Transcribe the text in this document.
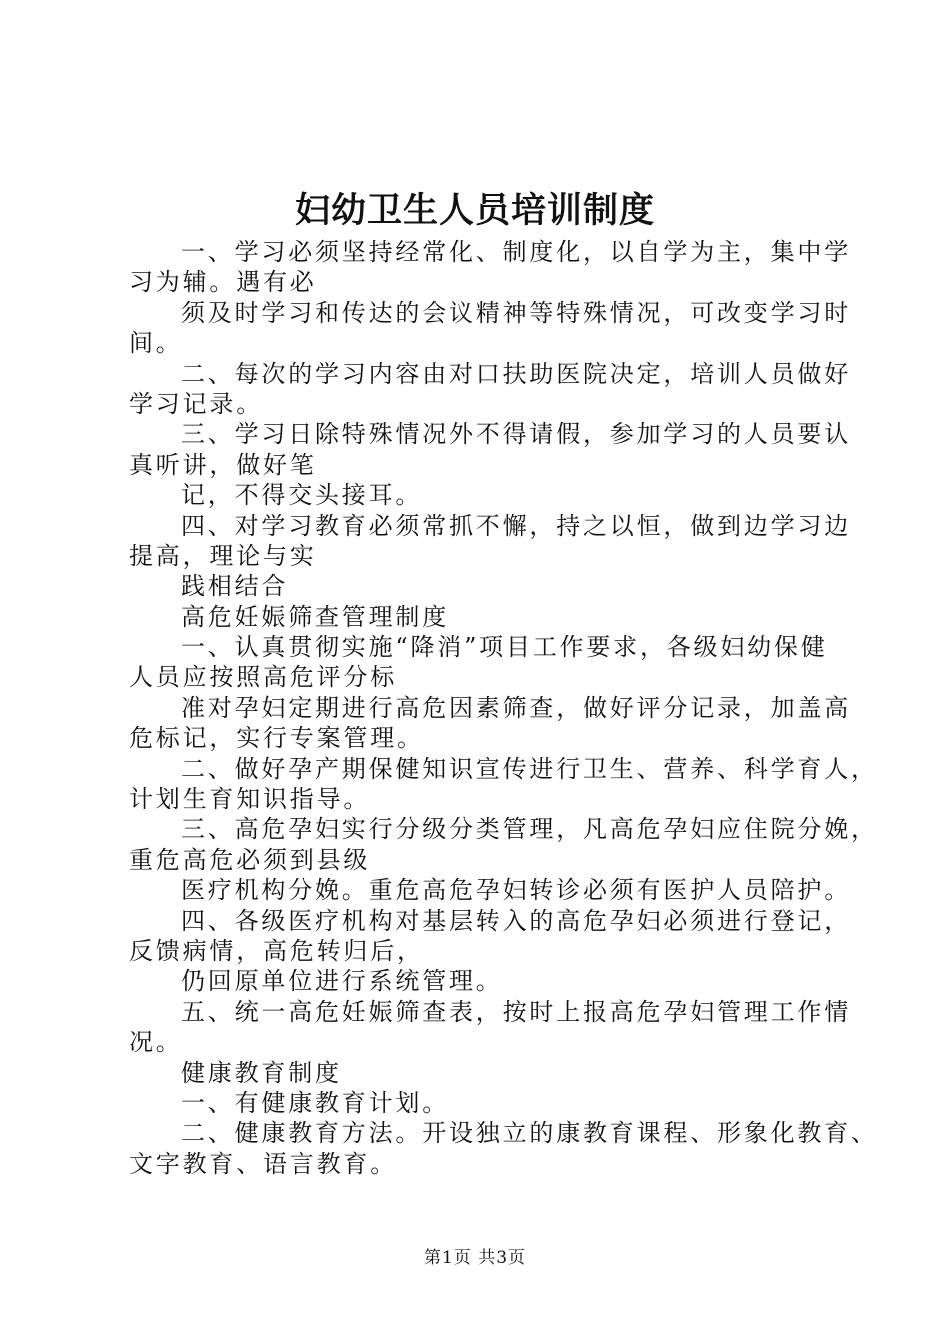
妇幼卫生人员培训制度
一、学习必须坚持经常化、制度化，以自学为主，集中学
习为辅。遇有必
须及时学习和传达的会议精神等特殊情况，可改变学习时
间。
二、每次的学习内容由对口扶助医院决定，培训人员做好
学习记录。
三、学习日除特殊情况外不得请假，参加学习的人员要认
真听讲，做好笔
记，不得交头接耳。
四、对学习教育必须常抓不懈，持之以恒，做到边学习边
提高，理论与实
践相结合
高危妊娠筛查管理制度
一、认真贯彻实施“降消”项目工作要求，各级妇幼保健
人员应按照高危评分标
准对孕妇定期进行高危因素筛查，做好评分记录，加盖高
危标记，实行专案管理。
二、做好孕产期保健知识宣传进行卫生、营养、科学育人，
计划生育知识指导。
三、高危孕妇实行分级分类管理，凡高危孕妇应住院分娩，
重危高危必须到县级
医疗机构分娩。重危高危孕妇转诊必须有医护人员陪护。
四、各级医疗机构对基层转入的高危孕妇必须进行登记，
反馈病情，高危转归后，
仍回原单位进行系统管理。
五、统一高危妊娠筛查表，按时上报高危孕妇管理工作情
况。
健康教育制度
一、有健康教育计划。
二、健康教育方法。开设独立的康教育课程、形象化教育、
文字教育、语言教育。
第1页 共3页
